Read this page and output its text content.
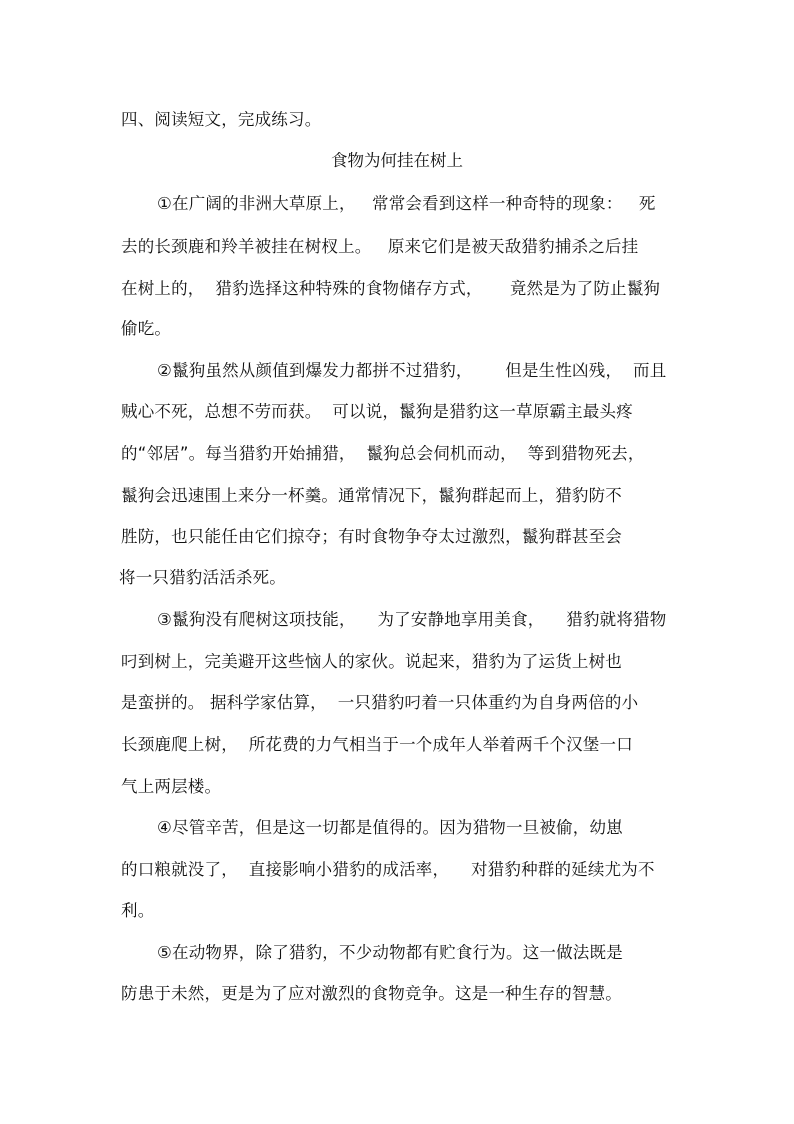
四、阅读短文，完成练习。
食物为何挂在树上
①在广阔的非洲大草原上，   常常会看到这样一种奇特的现象：   死
去的长颈鹿和羚羊被挂在树杈上。   原来它们是被天敌猎豹捕杀之后挂
在树上的，  猎豹选择这种特殊的食物储存方式，     竟然是为了防止鬣狗
偷吃。
②鬣狗虽然从颜值到爆发力都拼不过猎豹，      但是生性凶残，  而且
贼心不死，总想不劳而获。  可以说，鬣狗是猎豹这一草原霸主最头疼
的“邻居”。每当猎豹开始捕猎，  鬣狗总会伺机而动，  等到猎物死去，
鬣狗会迅速围上来分一杯羹。通常情况下，鬣狗群起而上，猎豹防不
胜防，也只能任由它们掠夺；有时食物争夺太过激烈，鬣狗群甚至会
将一只猎豹活活杀死。
③鬣狗没有爬树这项技能，    为了安静地享用美食，    猎豹就将猎物
叼到树上，完美避开这些恼人的家伙。说起来，猎豹为了运货上树也
是蛮拼的。 据科学家估算，  一只猎豹叼着一只体重约为自身两倍的小
长颈鹿爬上树，  所花费的力气相当于一个成年人举着两千个汉堡一口
气上两层楼。
④尽管辛苦，但是这一切都是值得的。因为猎物一旦被偷，幼崽
的口粮就没了，  直接影响小猎豹的成活率，    对猎豹种群的延续尤为不
利。
⑤在动物界，除了猎豹，不少动物都有贮食行为。这一做法既是
防患于未然，更是为了应对激烈的食物竞争。这是一种生存的智慧。
